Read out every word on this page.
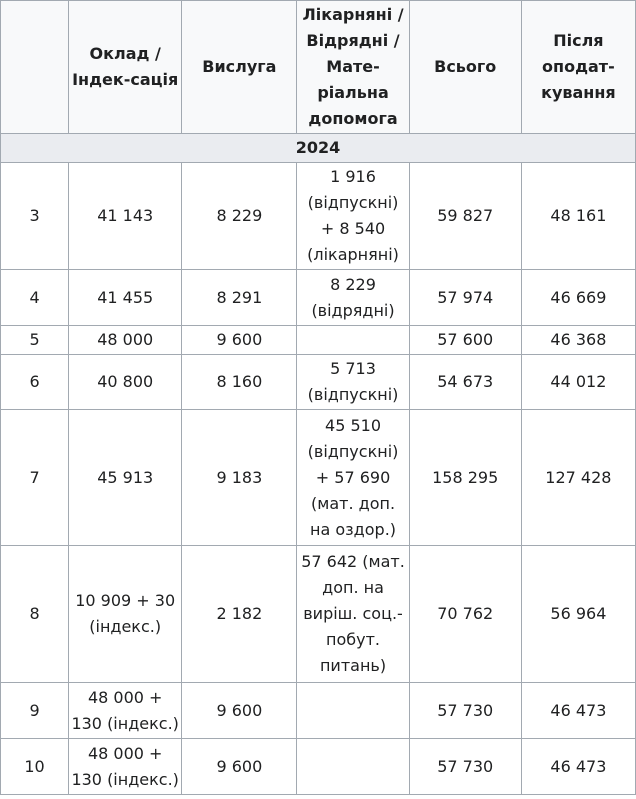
	Оклад / Індек-сація	Вислуга	Лікарняні / Відрядні / Мате-ріальна допомога	Всього	Після оподат-кування
2024					
3	41 143	8 229	1 916 (відпускні) + 8 540 (лікарняні)	59 827	48 161
4	41 455	8 291	8 229 (відрядні)	57 974	46 669
5	48 000	9 600		57 600	46 368
6	40 800	8 160	5 713 (відпускні)	54 673	44 012
7	45 913	9 183	45 510 (відпускні) + 57 690 (мат. доп. на оздор.)	158 295	127 428
8	10 909 + 30 (індекс.)	2 182	57 642 (мат. доп. на виріш. соц.-побут. питань)	70 762	56 964
9	48 000 + 130 (індекс.)	9 600		57 730	46 473
10	48 000 + 130 (індекс.)	9 600		57 730	46 473
